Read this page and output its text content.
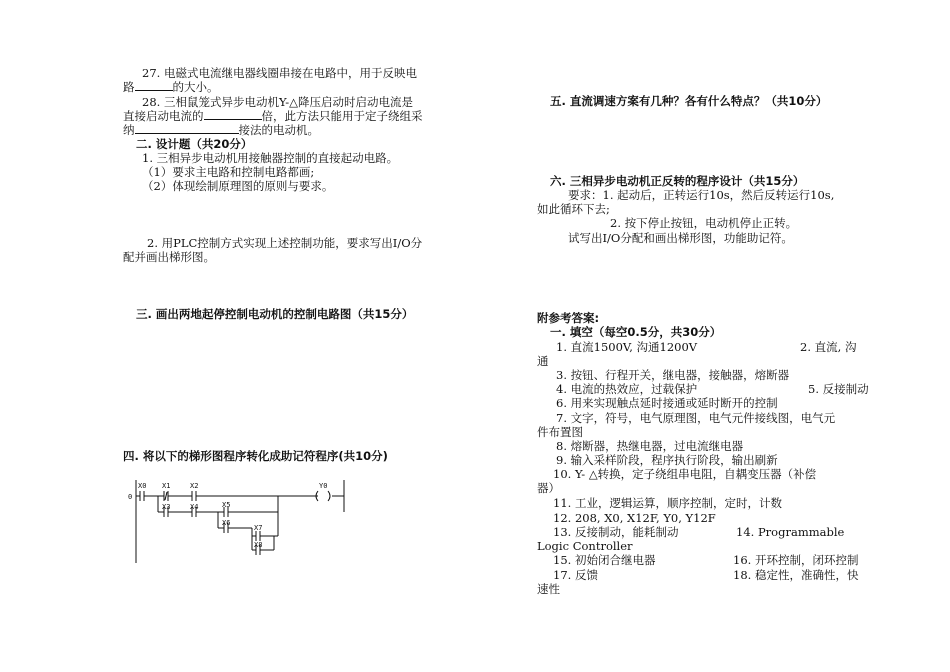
27. 电磁式电流继电器线圈串接在电路中，用于反映电
路	的大小。
28. 三相鼠笼式异步电动机Y-△降压启动时启动电流是
直接启动电流的	倍，此方法只能用于定子绕组采
纳	接法的电动机。
二. 设计题（共20分）
1. 三相异步电动机用接触器控制的直接起动电路。
（1）要求主电路和控制电路都画;
（2）体现绘制原理图的原则与要求。
2. 用PLC控制方式实现上述控制功能，要求写出I/O分
配并画出梯形图。
三. 画出两地起停控制电动机的控制电路图（共15分）
四. 将以下的梯形图程序转化成助记符程序(共10分)
0
X0 X1	X2	Y0
X3	X4	X5
X6
X7
X8
五. 直流调速方案有几种？各有什么特点？（共10分）
六. 三相异步电动机正反转的程序设计（共15分）
要求：1. 起动后，正转运行10s，然后反转运行10s,
如此循环下去;
2. 按下停止按钮，电动机停止正转。
试写出I/O分配和画出梯形图，功能助记符。
附参考答案:
一. 填空（每空0.5分，共30分）
1. 直流1500V, 沟通1200V	2. 直流, 沟
通
3. 按钮、行程开关，继电器，接触器，熔断器
4. 电流的热效应，过载保护	5. 反接制动
6. 用来实现触点延时接通或延时断开的控制
7. 文字，符号，电气原理图，电气元件接线图，电气元
件布置图
8. 熔断器，热继电器，过电流继电器
9. 输入采样阶段，程序执行阶段，输出刷新
10. Y- △转换，定子绕组串电阻，自耦变压器（补偿
器）
11. 工业，逻辑运算，顺序控制，定时，计数
12. 208, X0, X12F, Y0, Y12F
13. 反接制动，能耗制动	14. Programmable
Logic Controller
15. 初始闭合继电器	16. 开环控制，闭环控制
17. 反馈	18. 稳定性，准确性，快
速性
